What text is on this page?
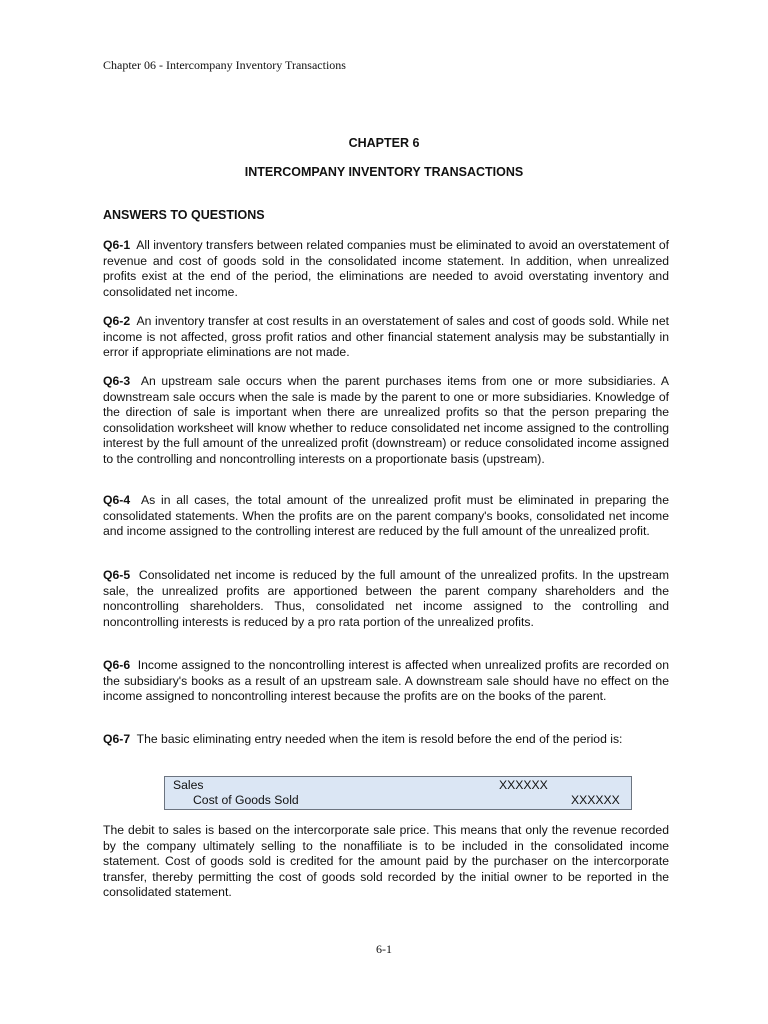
Chapter 06 - Intercompany Inventory Transactions
CHAPTER 6
INTERCOMPANY INVENTORY TRANSACTIONS
ANSWERS TO QUESTIONS

Q6-1 All inventory transfers between related companies must be eliminated to avoid an overstatement of revenue and cost of goods sold in the consolidated income statement. In addition, when unrealized profits exist at the end of the period, the eliminations are needed to avoid overstating inventory and consolidated net income.

Q6-2 An inventory transfer at cost results in an overstatement of sales and cost of goods sold. While net income is not affected, gross profit ratios and other financial statement analysis may be substantially in error if appropriate eliminations are not made.

Q6-3 An upstream sale occurs when the parent purchases items from one or more subsidiaries. A downstream sale occurs when the sale is made by the parent to one or more subsidiaries. Knowledge of the direction of sale is important when there are unrealized profits so that the person preparing the consolidation worksheet will know whether to reduce consolidated net income assigned to the controlling interest by the full amount of the unrealized profit (downstream) or reduce consolidated income assigned to the controlling and noncontrolling interests on a proportionate basis (upstream).

Q6-4 As in all cases, the total amount of the unrealized profit must be eliminated in preparing the consolidated statements. When the profits are on the parent company's books, consolidated net income and income assigned to the controlling interest are reduced by the full amount of the unrealized profit.

Q6-5 Consolidated net income is reduced by the full amount of the unrealized profits. In the upstream sale, the unrealized profits are apportioned between the parent company shareholders and the noncontrolling shareholders. Thus, consolidated net income assigned to the controlling and noncontrolling interests is reduced by a pro rata portion of the unrealized profits.

Q6-6 Income assigned to the noncontrolling interest is affected when unrealized profits are recorded on the subsidiary's books as a result of an upstream sale. A downstream sale should have no effect on the income assigned to noncontrolling interest because the profits are on the books of the parent.

Q6-7 The basic eliminating entry needed when the item is resold before the end of the period is:

Sales	XXXXXX
Cost of Goods Sold	XXXXXX

The debit to sales is based on the intercorporate sale price. This means that only the revenue recorded by the company ultimately selling to the nonaffiliate is to be included in the consolidated income statement. Cost of goods sold is credited for the amount paid by the purchaser on the intercorporate transfer, thereby permitting the cost of goods sold recorded by the initial owner to be reported in the consolidated statement.

6-1
